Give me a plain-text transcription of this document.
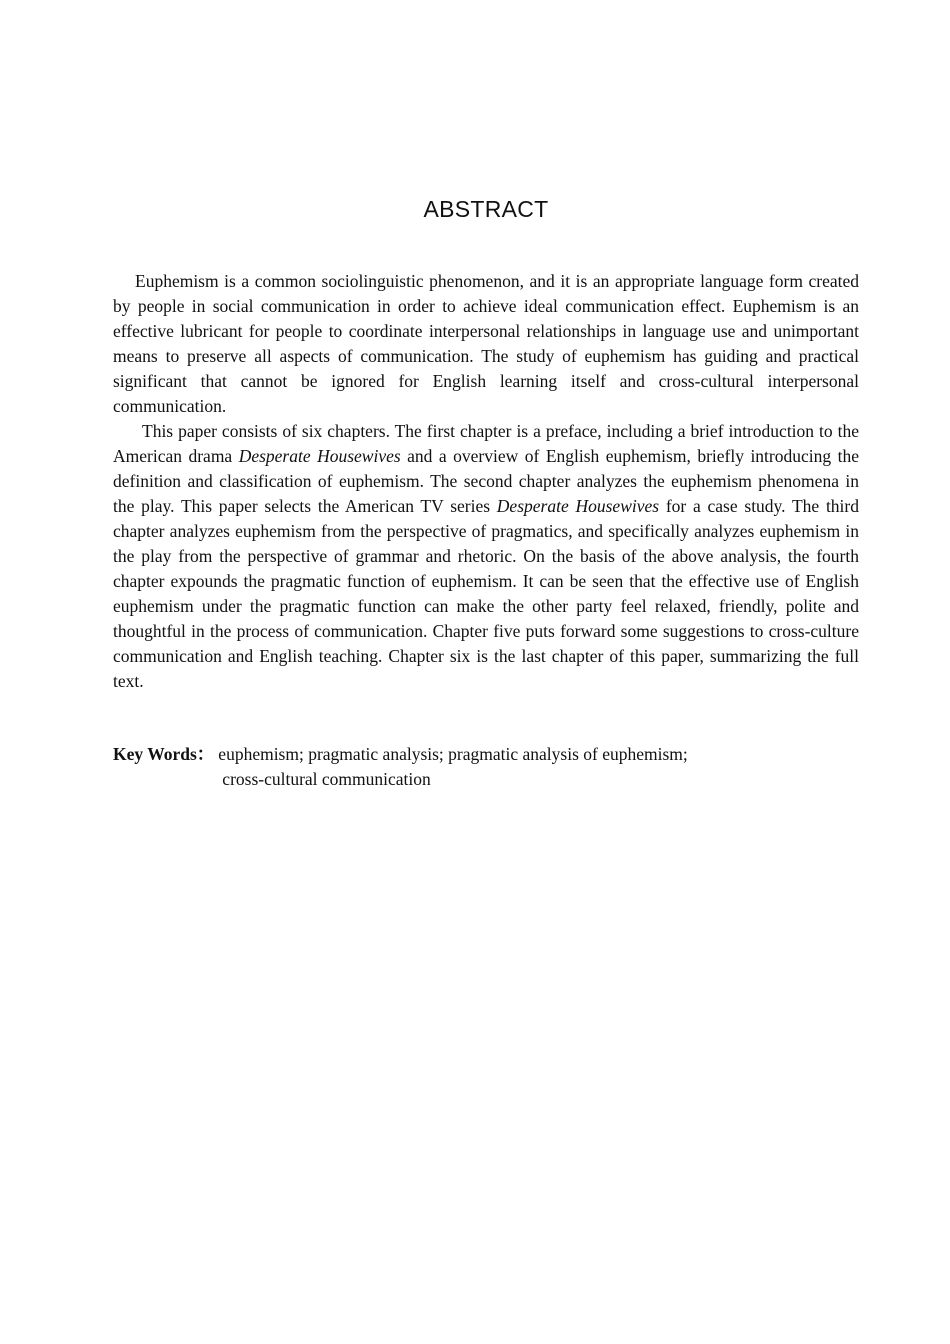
ABSTRACT

Euphemism is a common sociolinguistic phenomenon, and it is an appropriate language form created by people in social communication in order to achieve ideal communication effect. Euphemism is an effective lubricant for people to coordinate interpersonal relationships in language use and unimportant means to preserve all aspects of communication. The study of euphemism has guiding and practical significant that cannot be ignored for English learning itself and cross-cultural interpersonal communication.

This paper consists of six chapters. The first chapter is a preface, including a brief introduction to the American drama Desperate Housewives and a overview of English euphemism, briefly introducing the definition and classification of euphemism. The second chapter analyzes the euphemism phenomena in the play. This paper selects the American TV series Desperate Housewives for a case study. The third chapter analyzes euphemism from the perspective of pragmatics, and specifically analyzes euphemism in the play from the perspective of grammar and rhetoric. On the basis of the above analysis, the fourth chapter expounds the pragmatic function of euphemism. It can be seen that the effective use of English euphemism under the pragmatic function can make the other party feel relaxed, friendly, polite and thoughtful in the process of communication. Chapter five puts forward some suggestions to cross-culture communication and English teaching. Chapter six is the last chapter of this paper, summarizing the full text.

Key Words ： euphemism; pragmatic analysis; pragmatic analysis of euphemism;
cross-cultural communication
